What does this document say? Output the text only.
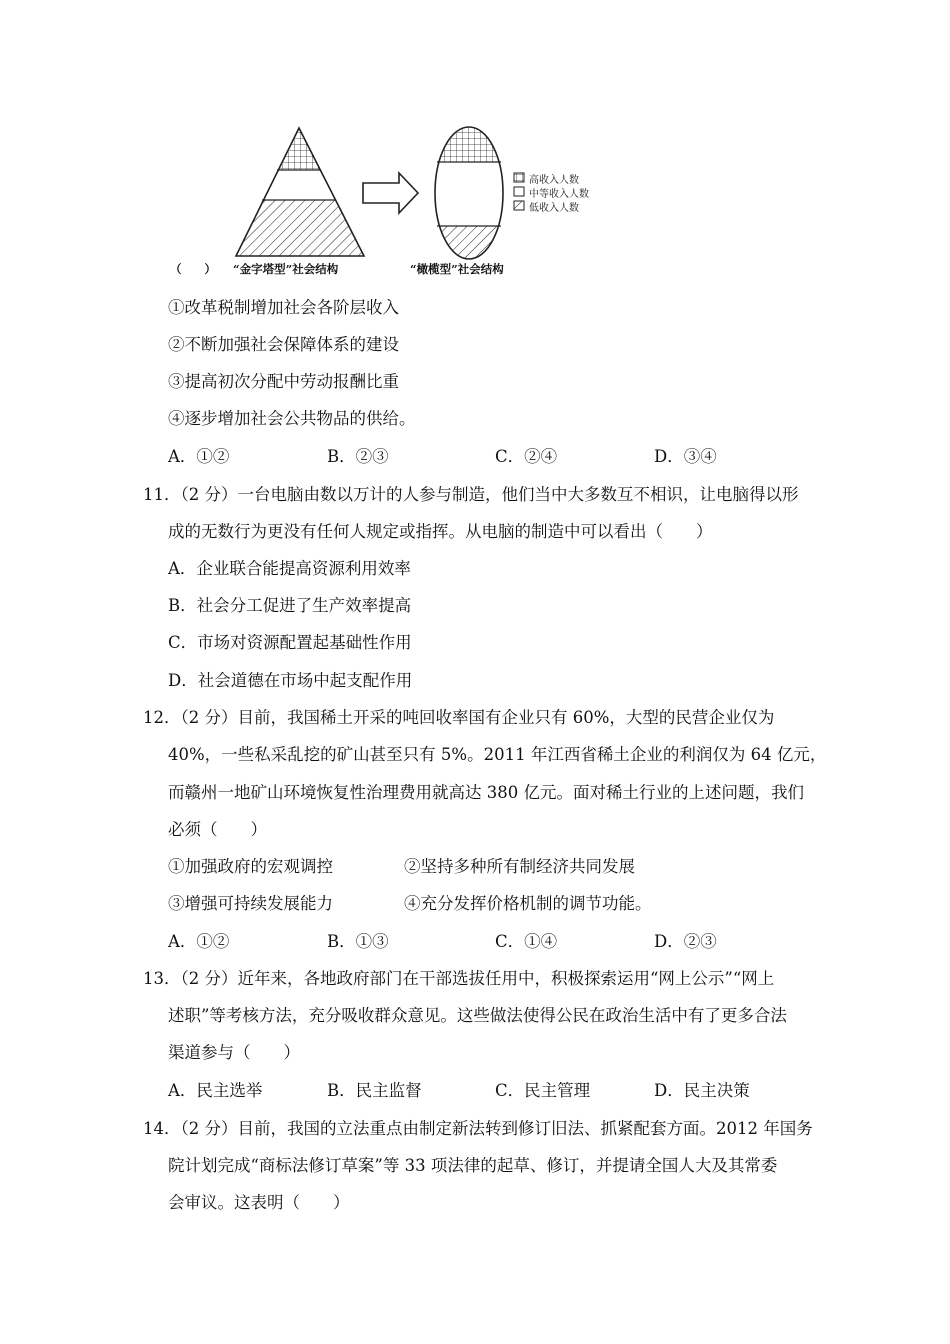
高收入人数
中等收入人数
低收入人数
（　　） “金字塔型”社会结构	“橄榄型”社会结构
①改革税制增加社会各阶层收入
②不断加强社会保障体系的建设
③提高初次分配中劳动报酬比重
④逐步增加社会公共物品的供给。
A．①②	B．②③	C．②④	D．③④
11．（2 分）一台电脑由数以万计的人参与制造，他们当中大多数互不相识，让电脑得以形
成的无数行为更没有任何人规定或指挥。从电脑的制造中可以看出（　　）
A．企业联合能提高资源利用效率
B．社会分工促进了生产效率提高
C．市场对资源配置起基础性作用
D．社会道德在市场中起支配作用
12．（2 分）目前，我国稀土开采的吨回收率国有企业只有 60%，大型的民营企业仅为
40%，一些私采乱挖的矿山甚至只有 5%。2011 年江西省稀土企业的利润仅为 64 亿元，
而赣州一地矿山环境恢复性治理费用就高达 380 亿元。面对稀土行业的上述问题，我们
必须（　　）
①加强政府的宏观调控	②坚持多种所有制经济共同发展
③增强可持续发展能力	④充分发挥价格机制的调节功能。
A．①②	B．①③	C．①④	D．②③
13．（2 分）近年来，各地政府部门在干部选拔任用中，积极探索运用“网上公示”“网上
述职”等考核方法，充分吸收群众意见。这些做法使得公民在政治生活中有了更多合法
渠道参与（　　）
A．民主选举	B．民主监督	C．民主管理	D．民主决策
14．（2 分）目前，我国的立法重点由制定新法转到修订旧法、抓紧配套方面。2012 年国务
院计划完成“商标法修订草案”等 33 项法律的起草、修订，并提请全国人大及其常委
会审议。这表明（　　）
